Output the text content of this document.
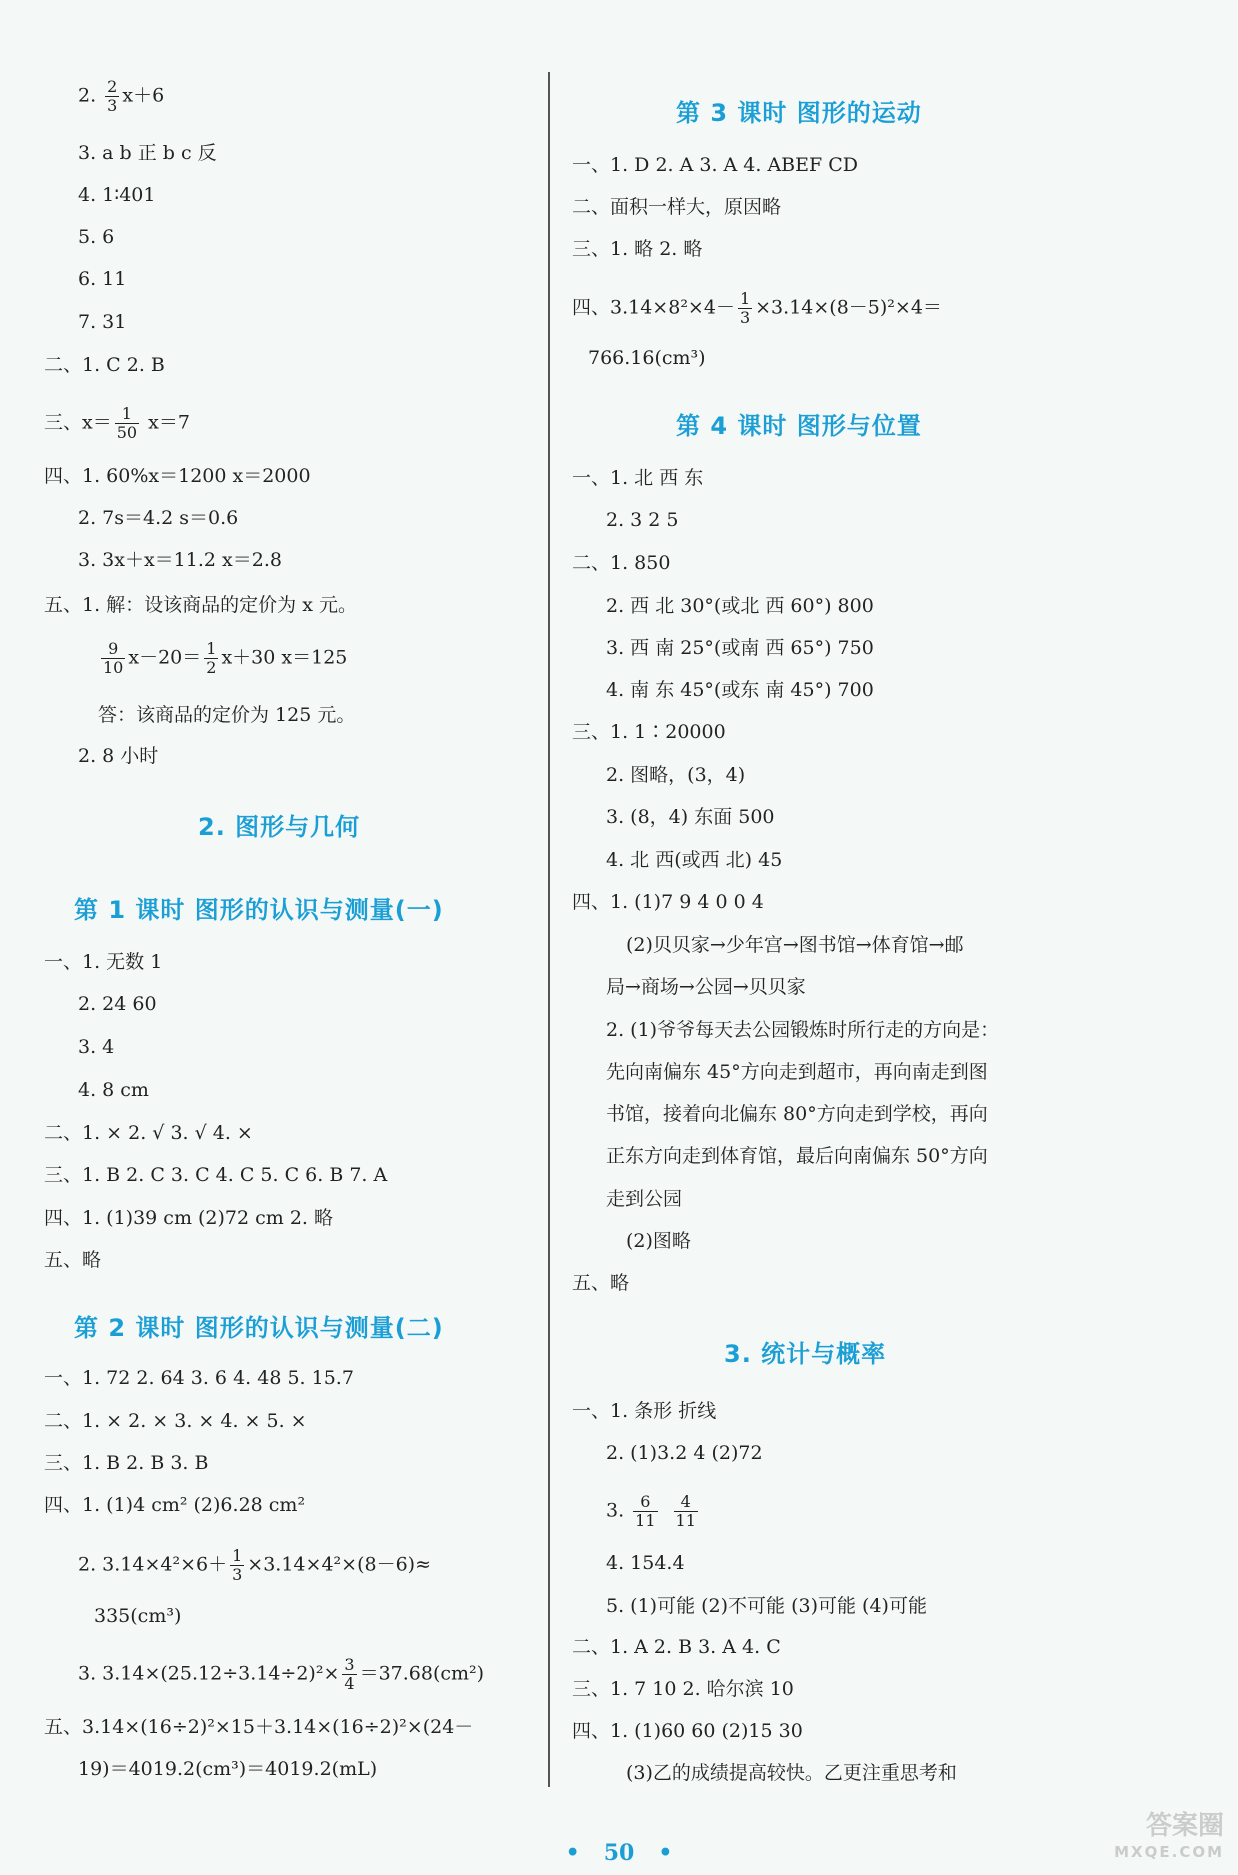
2. $\frac{2}{3} x+6$
3. a b 正 b c 反
4. 1∶401
5. 6
6. 11
7. 31
二、1. C 2. B
三、$x= \frac{1}{50} x=7$
四、1. 60%x＝1200 x＝2000
2. 7s＝4.2 s＝0.6
3. 3x＋x＝11.2 x＝2.8
五、1. 解：设该商品的定价为 x 元。
$\frac{9}{10} x-20= \frac{1}{2} x+30$ x＝125
答：该商品的定价为 125 元。
2. 8 小时
2. 图形与几何
第 1 课时 图形的认识与测量(一)
一、1. 无数 1
2. 24 60
3. 4
4. 8 cm
二、1. × 2. √ 3. √ 4. ×
三、1. B 2. C 3. C 4. C 5. C 6. B 7. A
四、1. (1)39 cm (2)72 cm 2. 略
五、略
第 2 课时 图形的认识与测量(二)
一、1. 72 2. 64 3. 6 4. 48 5. 15.7
二、1. × 2. × 3. × 4. × 5. ×
三、1. B 2. B 3. B
四、1. (1)4 cm² (2)6.28 cm²
2. $3.14\times 4^2\times 6+ \frac{1}{3} \times 3.14\times 4^2\times(8-6)\approx$
335(cm³)
3. $3.14\times(25.12\div 3.14\div 2)^2\times \frac{3}{4} =37.68(cm^2)$
五、3.14×(16÷2)²×15＋3.14×(16÷2)²×(24－
19)＝4019.2(cm³)＝4019.2(mL)
第 3 课时 图形的运动
一、1. D 2. A 3. A 4. ABEF CD
二、面积一样大，原因略
三、1. 略 2. 略
四、$3.14\times 8^2\times 4- \frac{1}{3} \times 3.14\times(8-5)^2\times 4=$
766.16(cm³)
第 4 课时 图形与位置
一、1. 北 西 东
2. 3 2 5
二、1. 850
2. 西 北 30°(或北 西 60°) 800
3. 西 南 25°(或南 西 65°) 750
4. 南 东 45°(或东 南 45°) 700
三、1. 1∶20000
2. 图略，(3，4)
3. (8，4) 东面 500
4. 北 西(或西 北) 45
四、1. (1)7 9 4 0 0 4
(2)贝贝家→少年宫→图书馆→体育馆→邮
局→商场→公园→贝贝家
2. (1)爷爷每天去公园锻炼时所行走的方向是：
先向南偏东 45°方向走到超市，再向南走到图
书馆，接着向北偏东 80°方向走到学校，再向
正东方向走到体育馆，最后向南偏东 50°方向
走到公园
(2)图略
五、略
3. 统计与概率
一、1. 条形 折线
2. (1)3.2 4 (2)72
3. $\frac{6}{11} \frac{4}{11}$
4. 154.4
5. (1)可能 (2)不可能 (3)可能 (4)可能
二、1. A 2. B 3. A 4. C
三、1. 7 10 2. 哈尔滨 10
四、1. (1)60 60 (2)15 30
(3)乙的成绩提高较快。乙更注重思考和
• 50 •
答案圈
MXQE.COM
